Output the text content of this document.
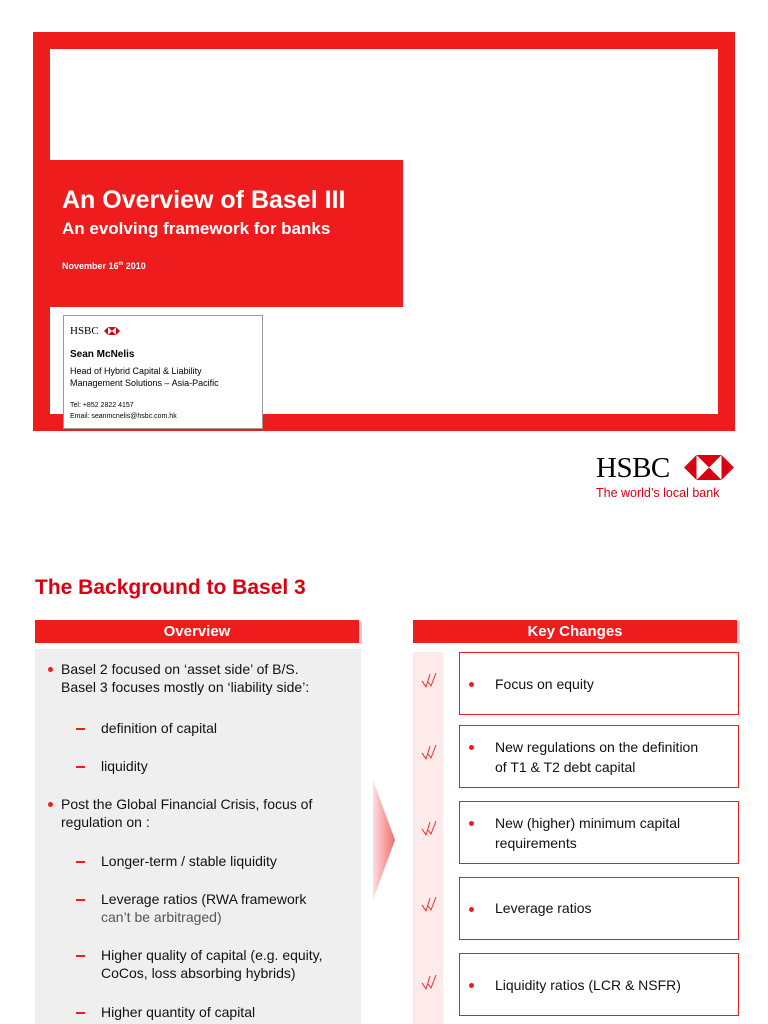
An Overview of Basel III
An evolving framework for banks
November 16th 2010
HSBC
Sean McNelis
Head of Hybrid Capital & Liability
Management Solutions – Asia-Pacific
Tel: +852 2822 4157
Email: seanmcnelis@hsbc.com.hk
HSBC
The world’s local bank
The Background to Basel 3
Overview	Key Changes
Basel 2 focused on ‘asset side’ of B/S.
Basel 3 focuses mostly on ‘liability side’:
definition of capital
liquidity
Post the Global Financial Crisis, focus of
regulation on :
Longer-term / stable liquidity
Leverage ratios (RWA framework
can’t be arbitraged)
Higher quality of capital (e.g. equity,
CoCos, loss absorbing hybrids)
Higher quantity of capital
Focus on equity
New regulations on the definition
of T1 & T2 debt capital
New (higher) minimum capital
requirements
Leverage ratios
Liquidity ratios (LCR & NSFR)
